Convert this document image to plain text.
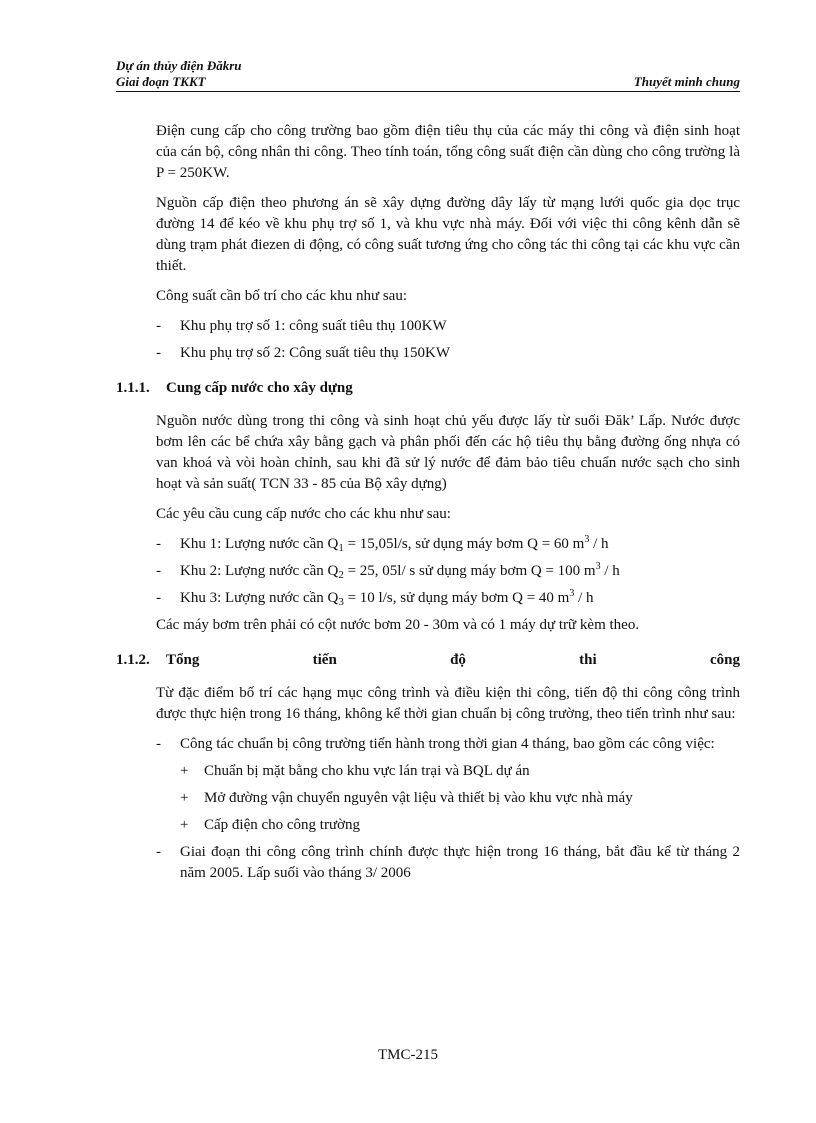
Dự án thủy điện Đăkru
Giai đoạn TKKT	Thuyết minh chung

Điện cung cấp cho công trường bao gồm điện tiêu thụ của các máy thi công và điện sinh hoạt của cán bộ, công nhân thi công. Theo tính toán, tổng công suất điện cần dùng cho công trường là P = 250KW.

Nguồn cấp điện theo phương án sẽ xây dựng đường dây lấy từ mạng lưới quốc gia dọc trục đường 14 để kéo về khu phụ trợ số 1, và khu vực nhà máy. Đối với việc thi công kênh dẫn sẽ dùng trạm phát điezen di động, có công suất tương ứng cho công tác thi công tại các khu vực cần thiết.

Công suất cần bố trí cho các khu như sau:

-	Khu phụ trợ số 1: công suất tiêu thụ 100KW
-	Khu phụ trợ số 2: Công suất tiêu thụ 150KW
1.1.1.	Cung cấp nước cho xây dựng

Nguồn nước dùng trong thi công và sinh hoạt chủ yếu được lấy từ suối Đăk’ Lấp. Nước được bơm lên các bể chứa xây bằng gạch và phân phối đến các hộ tiêu thụ bằng đường ống nhựa có van khoá và vòi hoàn chỉnh, sau khi đã sử lý nước để đảm bảo tiêu chuẩn nước sạch cho sinh hoạt và sản suất( TCN 33 - 85 của Bộ xây dựng)

Các yêu cầu cung cấp nước cho các khu như sau:

-	Khu 1: Lượng nước cần $Q_1 = 15,05l/s$, sử dụng máy bơm Q = 60 $m^3$ / h
-	Khu 2: Lượng nước cần $Q_2 = 25$, 05l/ s sử dụng máy bơm Q = 100 $m^3$ / h
-	Khu 3: Lượng nước cần $Q_3 = 10$ l/s, sử dụng máy bơm Q = 40 $m^3$ / h

Các máy bơm trên phải có cột nước bơm 20 - 30m và có 1 máy dự trữ kèm theo.

1.1.2.	Tổng	tiến	độ	thi	công

Từ đặc điểm bố trí các hạng mục công trình và điều kiện thi công, tiến độ thi công công trình được thực hiện trong 16 tháng, không kể thời gian chuẩn bị công trường, theo tiến trình như sau:

-	Công tác chuẩn bị công trường tiến hành trong thời gian 4 tháng, bao gồm các công việc:
+	Chuẩn bị mặt bằng cho khu vực lán trại và BQL dự án
+	Mở đường vận chuyển nguyên vật liệu và thiết bị vào khu vực nhà máy
+	Cấp điện cho công trường
-	Giai đoạn thi công công trình chính được thực hiện trong 16 tháng, bắt đầu kể từ tháng 2 năm 2005. Lấp suối vào tháng 3/ 2006
TMC-215
